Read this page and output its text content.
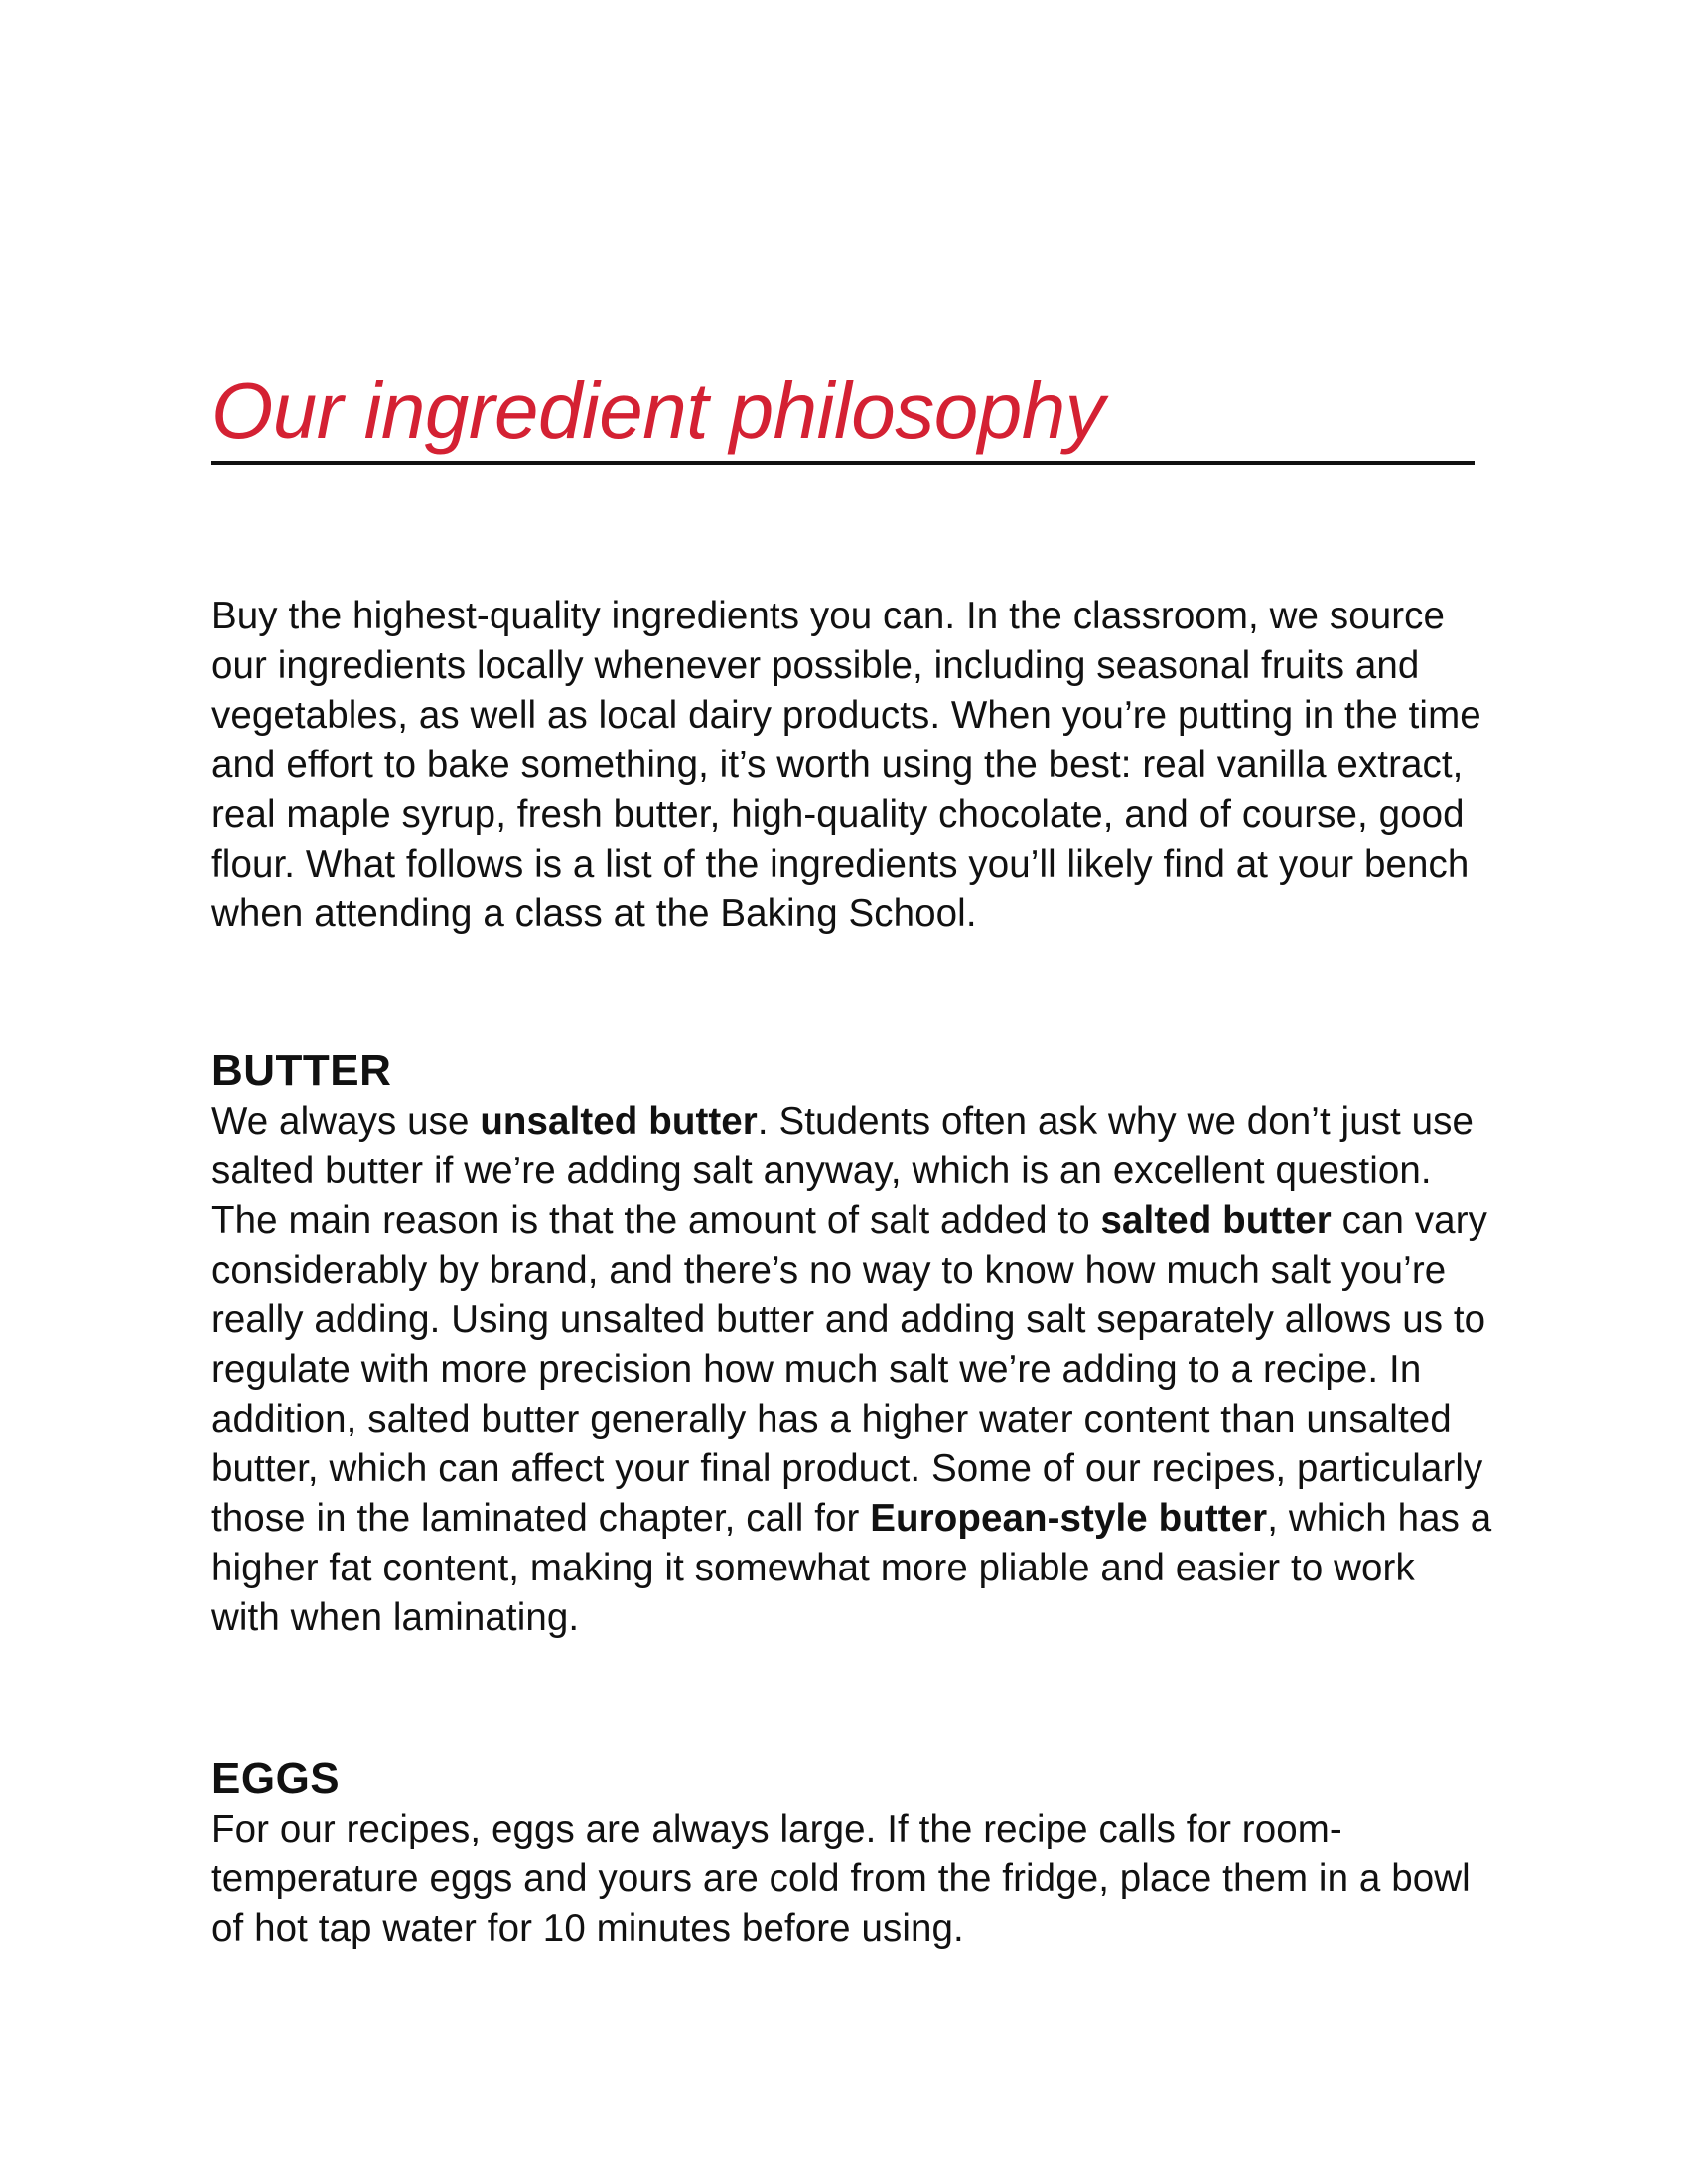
Our ingredient philosophy

Buy the highest-quality ingredients you can. In the classroom, we source our ingredients locally whenever possible, including seasonal fruits and vegetables, as well as local dairy products. When you’re putting in the time and effort to bake something, it’s worth using the best: real vanilla extract, real maple syrup, fresh butter, high-quality chocolate, and of course, good flour. What follows is a list of the ingredients you’ll likely find at your bench when attending a class at the Baking School.

BUTTER

We always use unsalted butter. Students often ask why we don’t just use salted butter if we’re adding salt anyway, which is an excellent question. The main reason is that the amount of salt added to salted butter can vary considerably by brand, and there’s no way to know how much salt you’re really adding. Using unsalted butter and adding salt separately allows us to regulate with more precision how much salt we’re adding to a recipe. In addition, salted butter generally has a higher water content than unsalted butter, which can affect your final product. Some of our recipes, particularly those in the laminated chapter, call for European-style butter, which has a higher fat content, making it somewhat more pliable and easier to work with when laminating.

EGGS

For our recipes, eggs are always large. If the recipe calls for room-temperature eggs and yours are cold from the fridge, place them in a bowl of hot tap water for 10 minutes before using.
